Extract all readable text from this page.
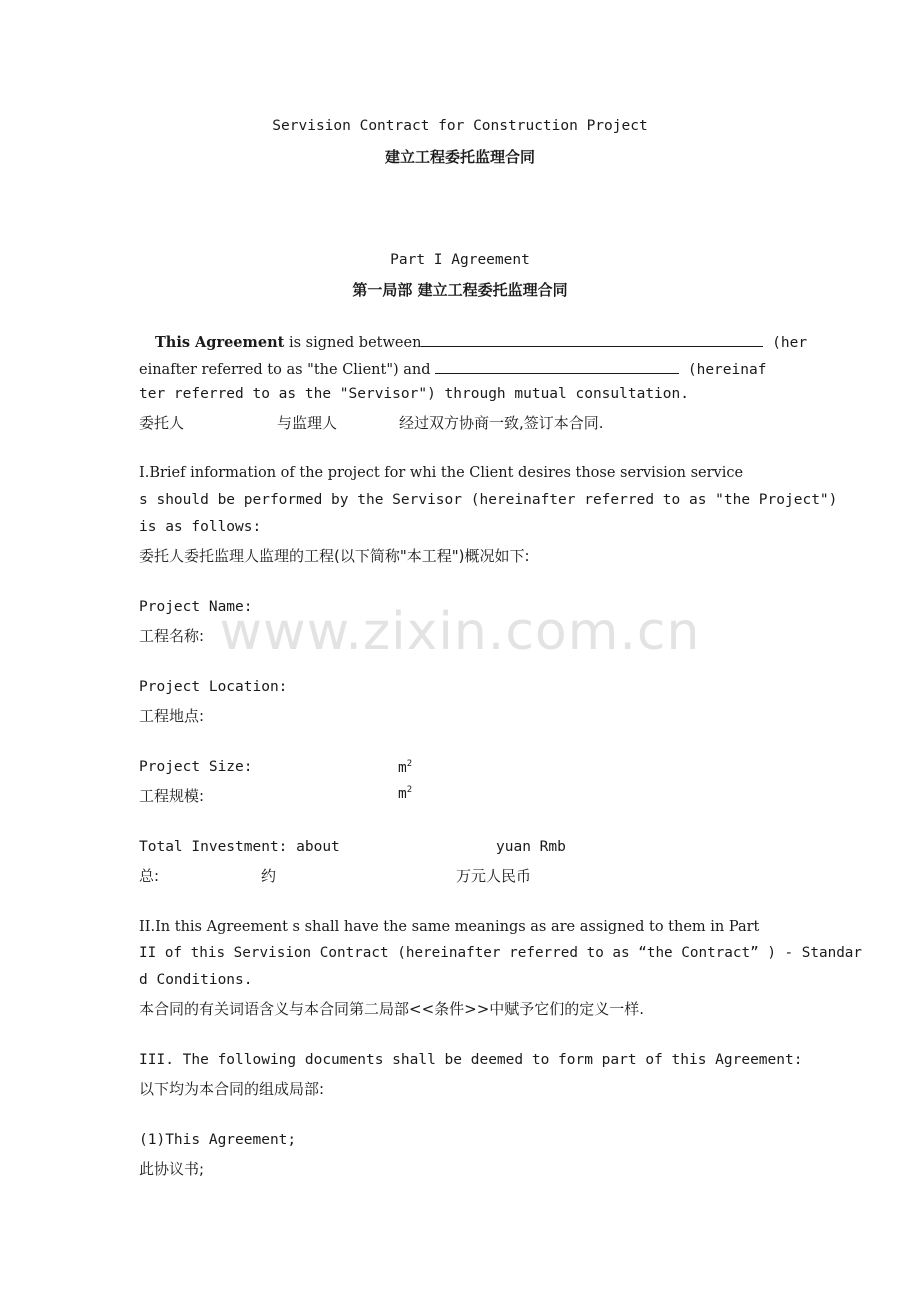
Servision Contract for Construction Project
建立工程委托监理合同
Part I Agreement
第一局部 建立工程委托监理合同
This Agreement is signed between	(her
einafter referred to as "the Client") and	(hereinaf
ter referred to as the "Servisor") through mutual consultation.
委托人	与监理人	经过双方协商一致,签订本合同.
I.Brief information of the project for whi the Client desires those servision service
s should be performed by the Servisor (hereinafter referred to as "the Project")
is as follows:
委托人委托监理人监理的工程(以下简称"本工程")概况如下:
www.zixin.com.cn
Project Name:
工程名称:
Project Location:
工程地点:
Project Size:	$m^2$
工程规模:	$m^2$
Total Investment: about	yuan Rmb
总:	约	万元人民币
II.In this Agreement s shall have the same meanings as are assigned to them in Part
II of this Servision Contract (hereinafter referred to as “the Contract” ) - Standar
d Conditions.
本合同的有关词语含义与本合同第二局部<<条件>>中赋予它们的定义一样.
III. The following documents shall be deemed to form part of this Agreement:
以下均为本合同的组成局部:
(1)This Agreement;
此协议书;
